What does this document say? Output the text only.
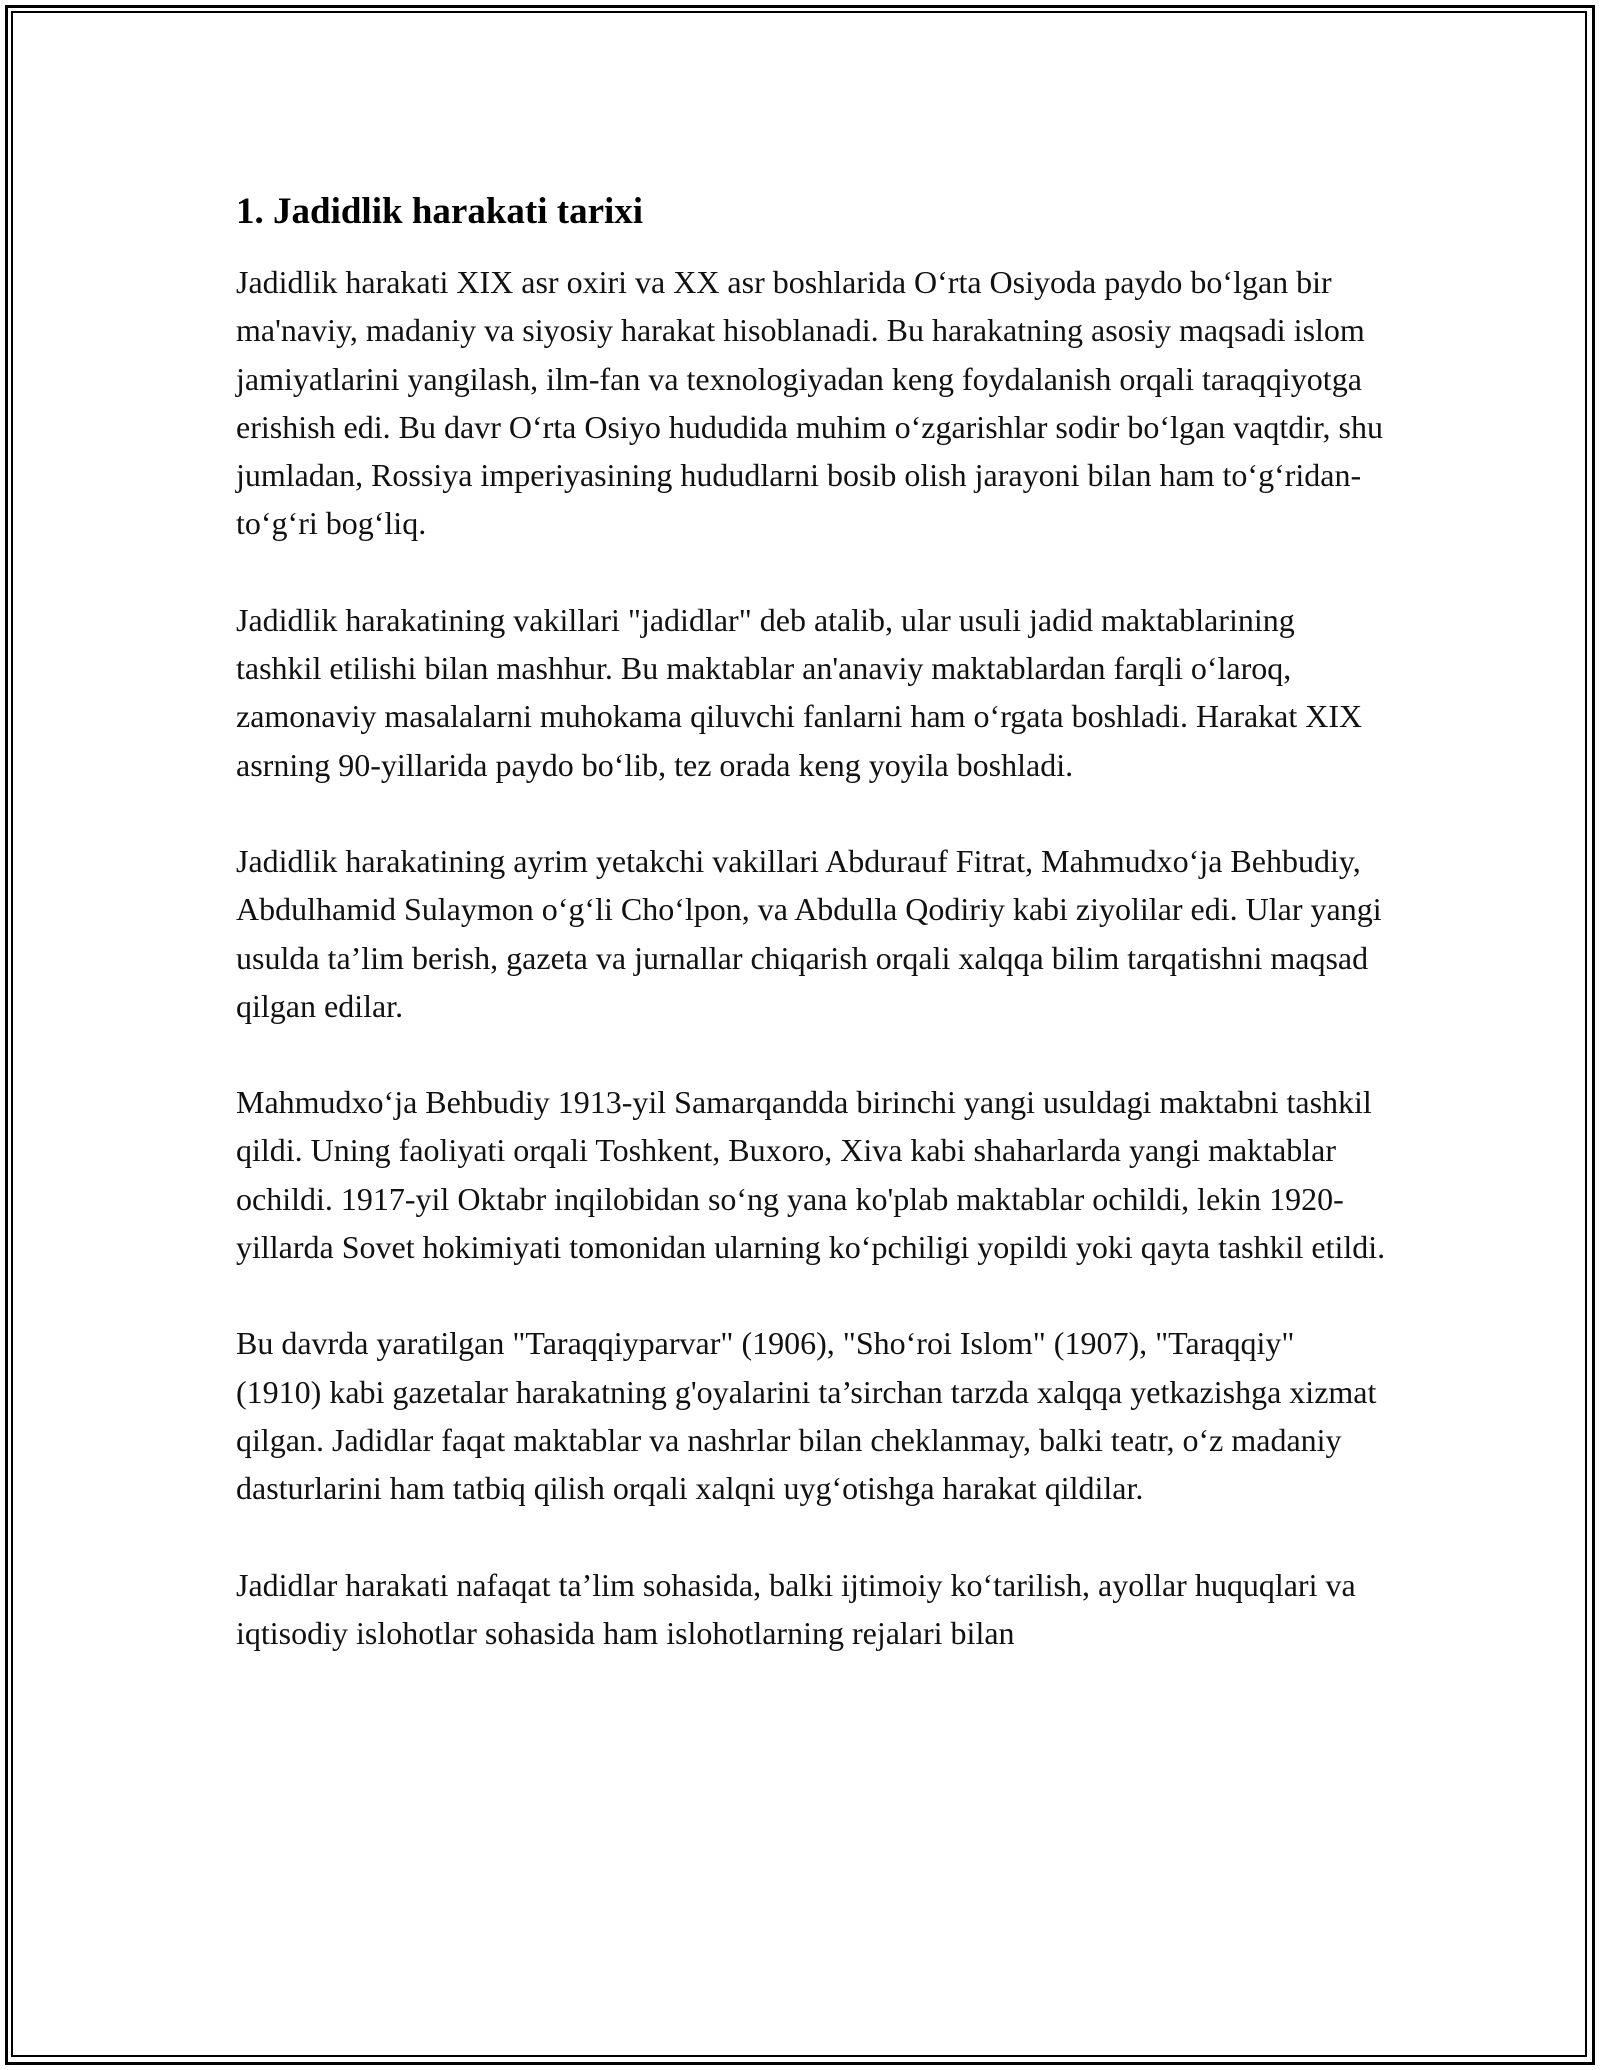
1. Jadidlik harakati tarixi

Jadidlik harakati XIX asr oxiri va XX asr boshlarida O‘rta Osiyoda paydo bo‘lgan bir ma'naviy, madaniy va siyosiy harakat hisoblanadi. Bu harakatning asosiy maqsadi islom jamiyatlarini yangilash, ilm-fan va texnologiyadan keng foydalanish orqali taraqqiyotga erishish edi. Bu davr O‘rta Osiyo hududida muhim o‘zgarishlar sodir bo‘lgan vaqtdir, shu jumladan, Rossiya imperiyasining hududlarni bosib olish jarayoni bilan ham to‘g‘ridan-to‘g‘ri bog‘liq.

Jadidlik harakatining vakillari "jadidlar" deb atalib, ular usuli jadid maktablarining tashkil etilishi bilan mashhur. Bu maktablar an'anaviy maktablardan farqli o‘laroq, zamonaviy masalalarni muhokama qiluvchi fanlarni ham o‘rgata boshladi. Harakat XIX asrning 90-yillarida paydo bo‘lib, tez orada keng yoyila boshladi.

Jadidlik harakatining ayrim yetakchi vakillari Abdurauf Fitrat, Mahmudxo‘ja Behbudiy, Abdulhamid Sulaymon o‘g‘li Cho‘lpon, va Abdulla Qodiriy kabi ziyolilar edi. Ular yangi usulda ta’lim berish, gazeta va jurnallar chiqarish orqali xalqqa bilim tarqatishni maqsad qilgan edilar.

Mahmudxo‘ja Behbudiy 1913-yil Samarqandda birinchi yangi usuldagi maktabni tashkil qildi. Uning faoliyati orqali Toshkent, Buxoro, Xiva kabi shaharlarda yangi maktablar ochildi. 1917-yil Oktabr inqilobidan so‘ng yana ko'plab maktablar ochildi, lekin 1920-yillarda Sovet hokimiyati tomonidan ularning ko‘pchiligi yopildi yoki qayta tashkil etildi.

Bu davrda yaratilgan "Taraqqiyparvar" (1906), "Sho‘roi Islom" (1907), "Taraqqiy" (1910) kabi gazetalar harakatning g'oyalarini ta’sirchan tarzda xalqqa yetkazishga xizmat qilgan. Jadidlar faqat maktablar va nashrlar bilan cheklanmay, balki teatr, o‘z madaniy dasturlarini ham tatbiq qilish orqali xalqni uyg‘otishga harakat qildilar.

Jadidlar harakati nafaqat ta’lim sohasida, balki ijtimoiy ko‘tarilish, ayollar huquqlari va iqtisodiy islohotlar sohasida ham islohotlarning rejalari bilan
